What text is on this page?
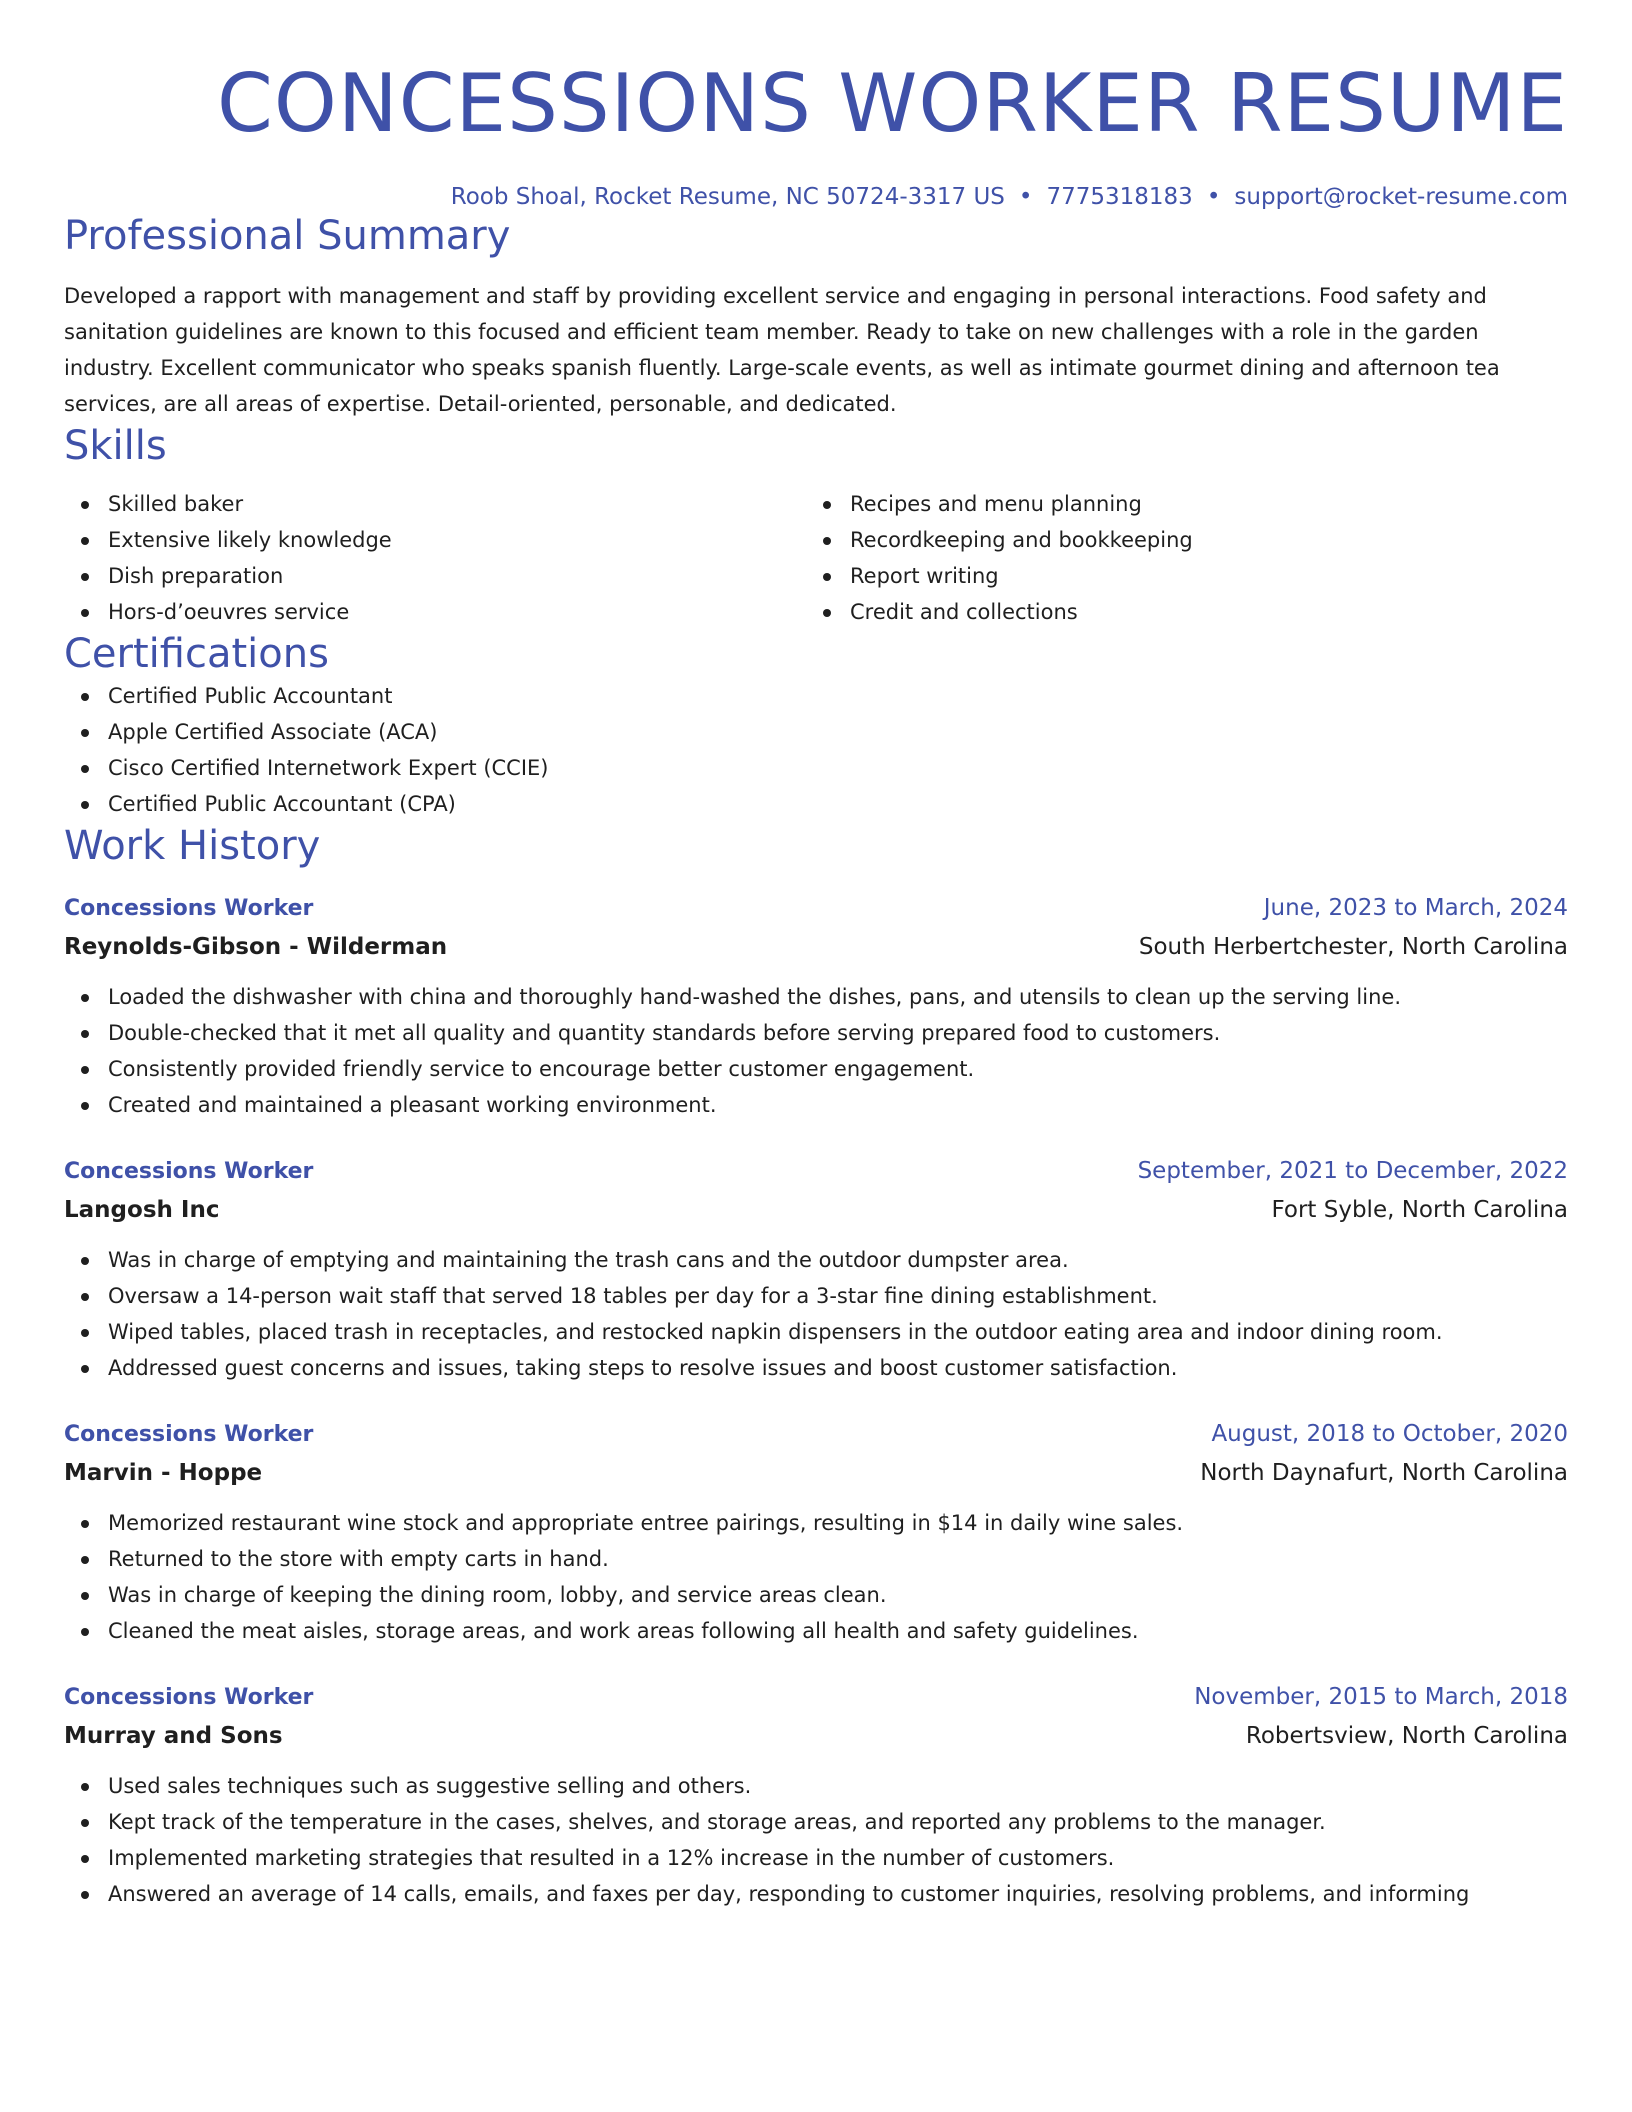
CONCESSIONS WORKER RESUME
Roob Shoal, Rocket Resume, NC 50724-3317 US • 7775318183 • support@rocket-resume.com
Professional Summary
Developed a rapport with management and staff by providing excellent service and engaging in personal interactions. Food safety and sanitation guidelines are known to this focused and efficient team member. Ready to take on new challenges with a role in the garden industry. Excellent communicator who speaks spanish fluently. Large-scale events, as well as intimate gourmet dining and afternoon tea services, are all areas of expertise. Detail-oriented, personable, and dedicated.
Skills
Skilled baker
Extensive likely knowledge
Dish preparation
Hors-d’oeuvres service
Recipes and menu planning
Recordkeeping and bookkeeping
Report writing
Credit and collections
Certifications
Certified Public Accountant
Apple Certified Associate (ACA)
Cisco Certified Internetwork Expert (CCIE)
Certified Public Accountant (CPA)
Work History
Concessions Worker	June, 2023 to March, 2024
Reynolds-Gibson - Wilderman	South Herbertchester, North Carolina
Loaded the dishwasher with china and thoroughly hand-washed the dishes, pans, and utensils to clean up the serving line.
Double-checked that it met all quality and quantity standards before serving prepared food to customers.
Consistently provided friendly service to encourage better customer engagement.
Created and maintained a pleasant working environment.
Concessions Worker	September, 2021 to December, 2022
Langosh Inc	Fort Syble, North Carolina
Was in charge of emptying and maintaining the trash cans and the outdoor dumpster area.
Oversaw a 14-person wait staff that served 18 tables per day for a 3-star fine dining establishment.
Wiped tables, placed trash in receptacles, and restocked napkin dispensers in the outdoor eating area and indoor dining room.
Addressed guest concerns and issues, taking steps to resolve issues and boost customer satisfaction.
Concessions Worker	August, 2018 to October, 2020
Marvin - Hoppe	North Daynafurt, North Carolina
Memorized restaurant wine stock and appropriate entree pairings, resulting in $14 in daily wine sales.
Returned to the store with empty carts in hand.
Was in charge of keeping the dining room, lobby, and service areas clean.
Cleaned the meat aisles, storage areas, and work areas following all health and safety guidelines.
Concessions Worker	November, 2015 to March, 2018
Murray and Sons	Robertsview, North Carolina
Used sales techniques such as suggestive selling and others.
Kept track of the temperature in the cases, shelves, and storage areas, and reported any problems to the manager.
Implemented marketing strategies that resulted in a 12% increase in the number of customers.
Answered an average of 14 calls, emails, and faxes per day, responding to customer inquiries, resolving problems, and informing
